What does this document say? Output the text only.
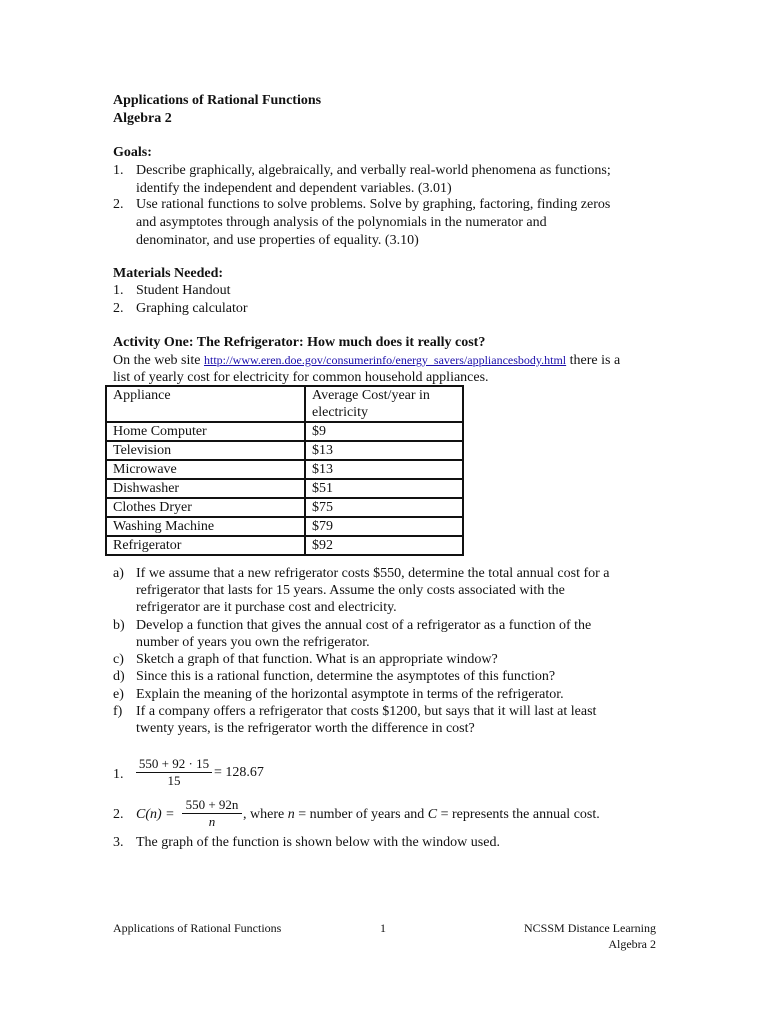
Applications of Rational Functions
Algebra 2
Goals:
1. Describe graphically, algebraically, and verbally real-world phenomena as functions;
identify the independent and dependent variables. (3.01)
2. Use rational functions to solve problems. Solve by graphing, factoring, finding zeros
and asymptotes through analysis of the polynomials in the numerator and
denominator, and use properties of equality. (3.10)
Materials Needed:
1. Student Handout
2. Graphing calculator
Activity One: The Refrigerator: How much does it really cost?
On the web site http://www.eren.doe.gov/consumerinfo/energy_savers/appliancesbody.html there is a
list of yearly cost for electricity for common household appliances.
Appliance	Average Cost/year in
electricity

Home Computer	$9
Television	$13
Microwave	$13
Dishwasher	$51
Clothes Dryer	$75
Washing Machine	$79
Refrigerator	$92
a) If we assume that a new refrigerator costs $550, determine the total annual cost for a
refrigerator that lasts for 15 years. Assume the only costs associated with the
refrigerator are it purchase cost and electricity.
b) Develop a function that gives the annual cost of a refrigerator as a function of the
number of years you own the refrigerator.
c) Sketch a graph of that function. What is an appropriate window?
d) Since this is a rational function, determine the asymptotes of this function?
e) Explain the meaning of the horizontal asymptote in terms of the refrigerator.
f) If a company offers a refrigerator that costs $1200, but says that it will last at least
twenty years, is the refrigerator worth the difference in cost?
1. $\frac{550 + 92 \cdot 15}{15} = 128.67$
2. $C(n) = \frac{550 + 92n}{n}$ , where n = number of years and C = represents the annual cost.
3. The graph of the function is shown below with the window used.
Applications of Rational Functions	1	NCSSM Distance Learning
Algebra 2
